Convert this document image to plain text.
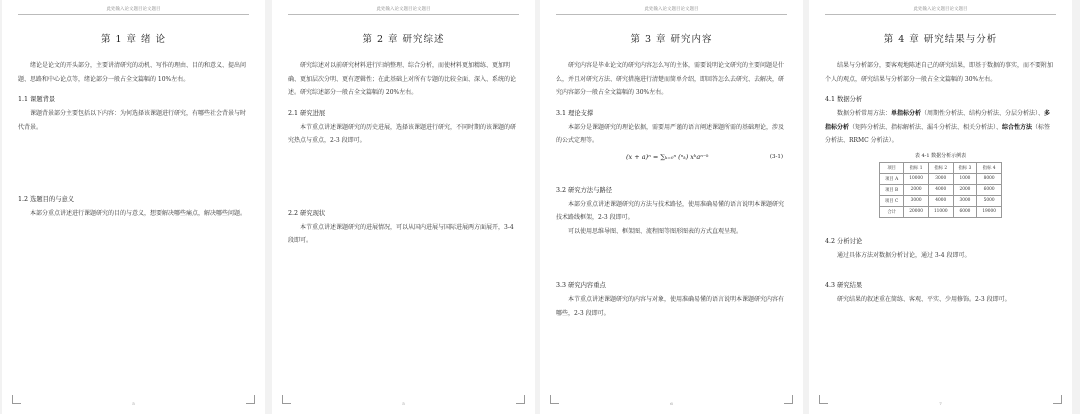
此处输入论文题目论文题目
第 1 章 绪 论

绪论是论文的开头部分，主要讲清研究的动机、写作的理由、目的和意义、提出问题、思路和中心论点等，绪论部分一般占全文篇幅的 10%左右。

1.1 课题背景

课题背景部分主要包括以下内容：为何选择该课题进行研究，有哪些社会背景与时代背景。

1.2 选题目的与意义

本部分重点讲述进行课题研究的目的与意义，想要解决哪些痛点，解决哪些问题。

5
此处输入论文题目论文题目
第 2 章 研究综述

研究综述对以前研究材料进行归纳整理、综合分析，而使材料更加精练、更加明确、更加层次分明、更有逻辑性；在此基础上对所有专题的比较全面、深入、系统的论述。研究综述部分一般占全文篇幅的 20%左右。

2.1 研究进展

本节重点讲述课题研究的历史进展，选择该课题进行研究，不同时期的该课题的研究热点与重点，2-3 段即可。

2.2 研究现状

本节重点讲述课题研究的进展情况，可以从国内进展与国际进展两方面展开，3-4 段即可。

5
此处输入论文题目论文题目
第 3 章 研究内容

研究内容是毕业论文的研究内容怎么写的主体，需要说明论文研究的主要问题是什么，并且对研究方法、研究措施进行清楚而简单介绍，即回答怎么去研究、去解决，研究内容部分一般占全文篇幅的 30%左右。

3.1 理论支撑

本部分是课题研究的理论依据，需要用严谨的语言阐述课题所需的基础理论，涉及的公式定理等。

(x + a)ⁿ = ∑ₖ₌₀ⁿ (ⁿₖ) xᵏaⁿ⁻ᵏ	(3-1)
3.2 研究方法与路径

本部分重点讲述课题研究的方法与技术路径，使用准确易懂的语言说明本课题研究技术路线框架，2-3 段即可。

可以使用思维导图、框架图、流程图等图形图表的方式直观呈现。

3.3 研究内容重点

本节重点讲述课题研究的内容与对象，使用准确易懂的语言说明本课题研究内容有哪些，2-3 段即可。

6
此处输入论文题目论文题目
第 4 章 研究结果与分析

结果与分析部分，要客观地陈述自己的研究结果，即基于数据的事实，而不要附加个人的观点，研究结果与分析部分一般占全文篇幅的 30%左右。

4.1 数据分析

数据分析常用方法：单指标分析（周期性分析法、结构分析法、分层分析法）、多指标分析（矩阵分析法、指标解析法、漏斗分析法、相关分析法）、综合性方法（标签分析法、RRMC 分析法）。

表 4-1 数据分析示例表
项目	指标 1	指标 2	指标 3	指标 4
项目 A	10000	3000	1000	8000
项目 B	2000	4000	2000	6000
项目 C	3000	4000	3000	5000
合计	20000	11000	6000	19000
4.2 分析讨论

通过具体方法对数据分析讨论，通过 3-4 段即可。

4.3 研究结果

研究结果的叙述重在简练、客观、平实、少用修饰。2-3 段即可。

7
